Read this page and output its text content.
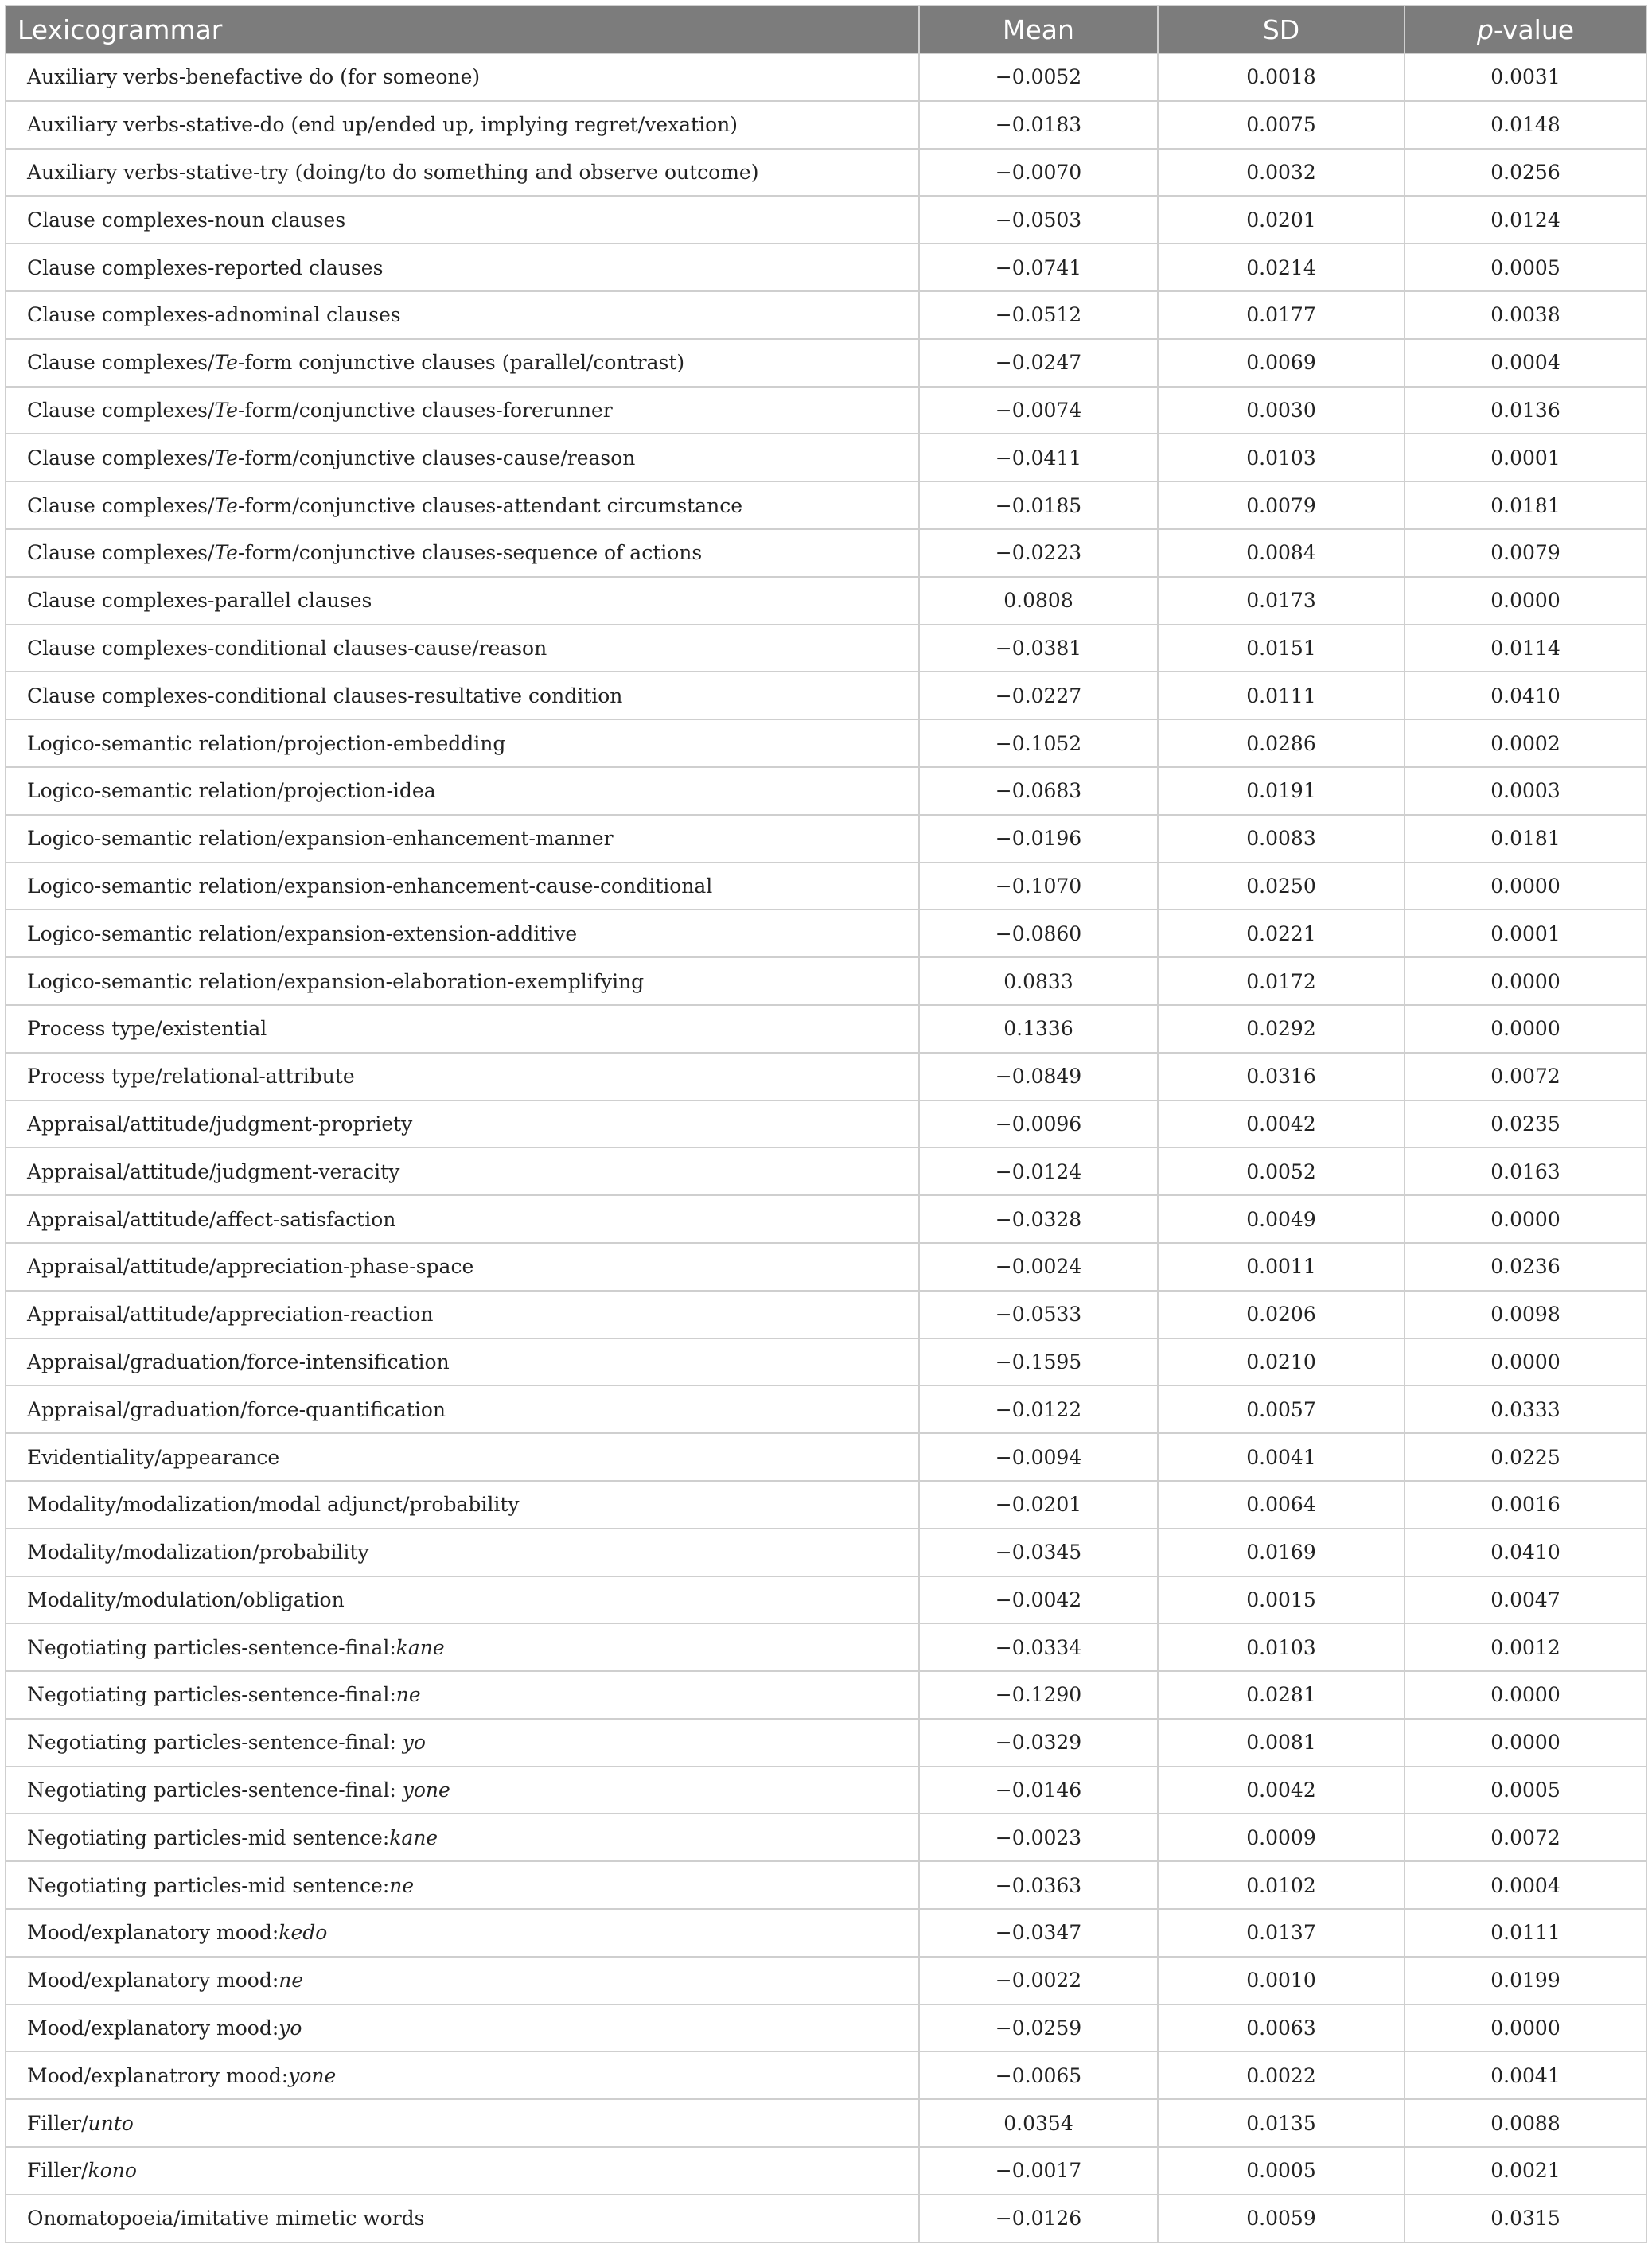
Lexicogrammar	Mean	SD	p-value
Auxiliary verbs-benefactive do (for someone)	−0.0052	0.0018	0.0031
Auxiliary verbs-stative-do (end up/ended up, implying regret/vexation)	−0.0183	0.0075	0.0148
Auxiliary verbs-stative-try (doing/to do something and observe outcome)	−0.0070	0.0032	0.0256
Clause complexes-noun clauses	−0.0503	0.0201	0.0124
Clause complexes-reported clauses	−0.0741	0.0214	0.0005
Clause complexes-adnominal clauses	−0.0512	0.0177	0.0038
Clause complexes/Te-form conjunctive clauses (parallel/contrast)	−0.0247	0.0069	0.0004
Clause complexes/Te-form/conjunctive clauses-forerunner	−0.0074	0.0030	0.0136
Clause complexes/Te-form/conjunctive clauses-cause/reason	−0.0411	0.0103	0.0001
Clause complexes/Te-form/conjunctive clauses-attendant circumstance	−0.0185	0.0079	0.0181
Clause complexes/Te-form/conjunctive clauses-sequence of actions	−0.0223	0.0084	0.0079
Clause complexes-parallel clauses	0.0808	0.0173	0.0000
Clause complexes-conditional clauses-cause/reason	−0.0381	0.0151	0.0114
Clause complexes-conditional clauses-resultative condition	−0.0227	0.0111	0.0410
Logico-semantic relation/projection-embedding	−0.1052	0.0286	0.0002
Logico-semantic relation/projection-idea	−0.0683	0.0191	0.0003
Logico-semantic relation/expansion-enhancement-manner	−0.0196	0.0083	0.0181
Logico-semantic relation/expansion-enhancement-cause-conditional	−0.1070	0.0250	0.0000
Logico-semantic relation/expansion-extension-additive	−0.0860	0.0221	0.0001
Logico-semantic relation/expansion-elaboration-exemplifying	0.0833	0.0172	0.0000
Process type/existential	0.1336	0.0292	0.0000
Process type/relational-attribute	−0.0849	0.0316	0.0072
Appraisal/attitude/judgment-propriety	−0.0096	0.0042	0.0235
Appraisal/attitude/judgment-veracity	−0.0124	0.0052	0.0163
Appraisal/attitude/affect-satisfaction	−0.0328	0.0049	0.0000
Appraisal/attitude/appreciation-phase-space	−0.0024	0.0011	0.0236
Appraisal/attitude/appreciation-reaction	−0.0533	0.0206	0.0098
Appraisal/graduation/force-intensification	−0.1595	0.0210	0.0000
Appraisal/graduation/force-quantification	−0.0122	0.0057	0.0333
Evidentiality/appearance	−0.0094	0.0041	0.0225
Modality/modalization/modal adjunct/probability	−0.0201	0.0064	0.0016
Modality/modalization/probability	−0.0345	0.0169	0.0410
Modality/modulation/obligation	−0.0042	0.0015	0.0047
Negotiating particles-sentence-final:kane	−0.0334	0.0103	0.0012
Negotiating particles-sentence-final:ne	−0.1290	0.0281	0.0000
Negotiating particles-sentence-final: yo	−0.0329	0.0081	0.0000
Negotiating particles-sentence-final: yone	−0.0146	0.0042	0.0005
Negotiating particles-mid sentence:kane	−0.0023	0.0009	0.0072
Negotiating particles-mid sentence:ne	−0.0363	0.0102	0.0004
Mood/explanatory mood:kedo	−0.0347	0.0137	0.0111
Mood/explanatory mood:ne	−0.0022	0.0010	0.0199
Mood/explanatory mood:yo	−0.0259	0.0063	0.0000
Mood/explanatrory mood:yone	−0.0065	0.0022	0.0041
Filler/unto	0.0354	0.0135	0.0088
Filler/kono	−0.0017	0.0005	0.0021
Onomatopoeia/imitative mimetic words	−0.0126	0.0059	0.0315
